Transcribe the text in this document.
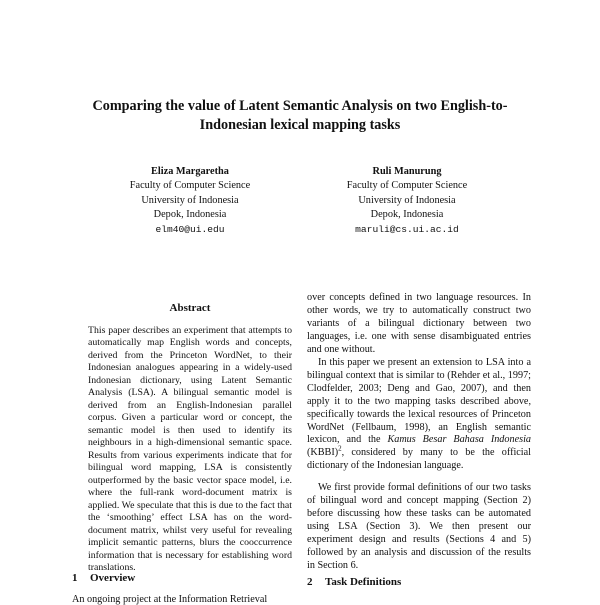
Comparing the value of Latent Semantic Analysis on two English-to-
Indonesian lexical mapping tasks
Eliza Margaretha
Faculty of Computer Science
University of Indonesia
Depok, Indonesia
elm40@ui.edu
Ruli Manurung
Faculty of Computer Science
University of Indonesia
Depok, Indonesia
maruli@cs.ui.ac.id
Abstract

This paper describes an experiment that attempts to automatically map English words and concepts, derived from the Princeton WordNet, to their Indonesian analogues appearing in a widely-used Indonesian dictionary, using Latent Semantic Analysis (LSA). A bilingual semantic model is derived from an English-Indonesian parallel corpus. Given a particular word or concept, the semantic model is then used to identify its neighbours in a high-dimensional semantic space. Results from various experiments indicate that for bilingual word mapping, LSA is consistently outperformed by the basic vector space model, i.e. where the full-rank word-document matrix is applied. We speculate that this is due to the fact that the ‘smoothing’ effect LSA has on the word-document matrix, whilst very useful for revealing implicit semantic patterns, blurs the cooccurrence information that is necessary for establishing word translations.

1 Overview
An ongoing project at the Information Retrieval

over concepts defined in two language resources. In other words, we try to automatically construct two variants of a bilingual dictionary between two languages, i.e. one with sense disambiguated entries and one without.

In this paper we present an extension to LSA into a bilingual context that is similar to (Rehder et al., 1997; Clodfelder, 2003; Deng and Gao, 2007), and then apply it to the two mapping tasks described above, specifically towards the lexical resources of Princeton WordNet (Fellbaum, 1998), an English semantic lexicon, and the Kamus Besar Bahasa Indonesia (KBBI)$^2$, considered by many to be the official dictionary of the Indonesian language.

We first provide formal definitions of our two tasks of bilingual word and concept mapping (Section 2) before discussing how these tasks can be automated using LSA (Section 3). We then present our experiment design and results (Sections 4 and 5) followed by an analysis and discussion of the results in Section 6.

2 Task Definitions
